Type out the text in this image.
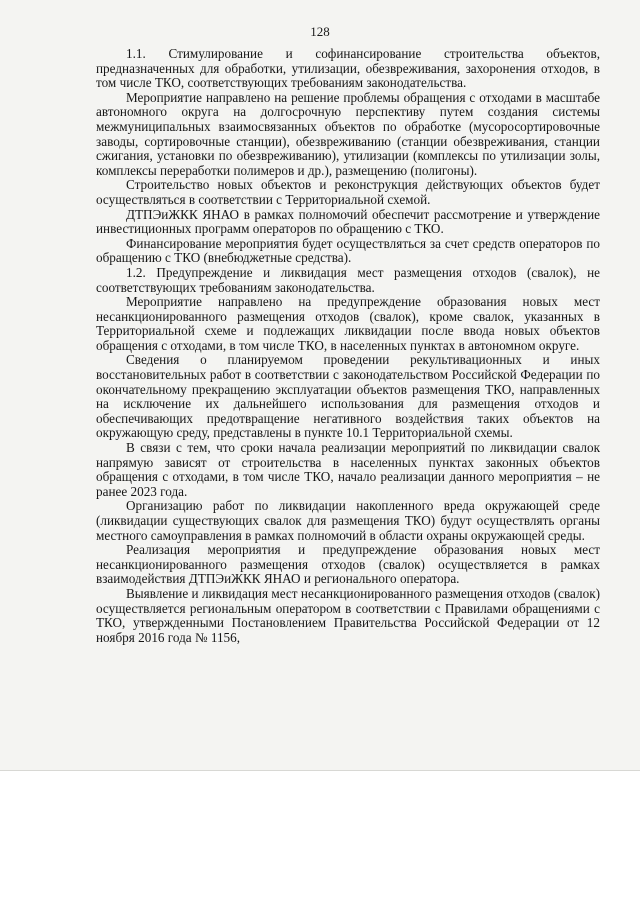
128

1.1. Стимулирование и софинансирование строительства объектов, предназначенных для обработки, утилизации, обезвреживания, захоронения отходов, в том числе ТКО, соответствующих требованиям законодательства.

Мероприятие направлено на решение проблемы обращения с отходами в масштабе автономного округа на долгосрочную перспективу путем создания системы межмуниципальных взаимосвязанных объектов по обработке (мусоросортировочные заводы, сортировочные станции), обезвреживанию (станции обезвреживания, станции сжигания, установки по обезвреживанию), утилизации (комплексы по утилизации золы, комплексы переработки полимеров и др.), размещению (полигоны).

Строительство новых объектов и реконструкция действующих объектов будет осуществляться в соответствии с Территориальной схемой.

ДТПЭиЖКК ЯНАО в рамках полномочий обеспечит рассмотрение и утверждение инвестиционных программ операторов по обращению с ТКО.

Финансирование мероприятия будет осуществляться за счет средств операторов по обращению с ТКО (внебюджетные средства).

1.2. Предупреждение и ликвидация мест размещения отходов (свалок), не соответствующих требованиям законодательства.

Мероприятие направлено на предупреждение образования новых мест несанкционированного размещения отходов (свалок), кроме свалок, указанных в Территориальной схеме и подлежащих ликвидации после ввода новых объектов обращения с отходами, в том числе ТКО, в населенных пунктах в автономном округе.

Сведения о планируемом проведении рекультивационных и иных восстановительных работ в соответствии с законодательством Российской Федерации по окончательному прекращению эксплуатации объектов размещения ТКО, направленных на исключение их дальнейшего использования для размещения отходов и обеспечивающих предотвращение негативного воздействия таких объектов на окружающую среду, представлены в пункте 10.1 Территориальной схемы.

В связи с тем, что сроки начала реализации мероприятий по ликвидации свалок напрямую зависят от строительства в населенных пунктах законных объектов обращения с отходами, в том числе ТКО, начало реализации данного мероприятия – не ранее 2023 года.

Организацию работ по ликвидации накопленного вреда окружающей среде (ликвидации существующих свалок для размещения ТКО) будут осуществлять органы местного самоуправления в рамках полномочий в области охраны окружающей среды.

Реализация мероприятия и предупреждение образования новых мест несанкционированного размещения отходов (свалок) осуществляется в рамках взаимодействия ДТПЭиЖКК ЯНАО и регионального оператора.

Выявление и ликвидация мест несанкционированного размещения отходов (свалок) осуществляется региональным оператором в соответствии с Правилами обращениями с ТКО, утвержденными Постановлением Правительства Российской Федерации от 12 ноября 2016 года № 1156,
